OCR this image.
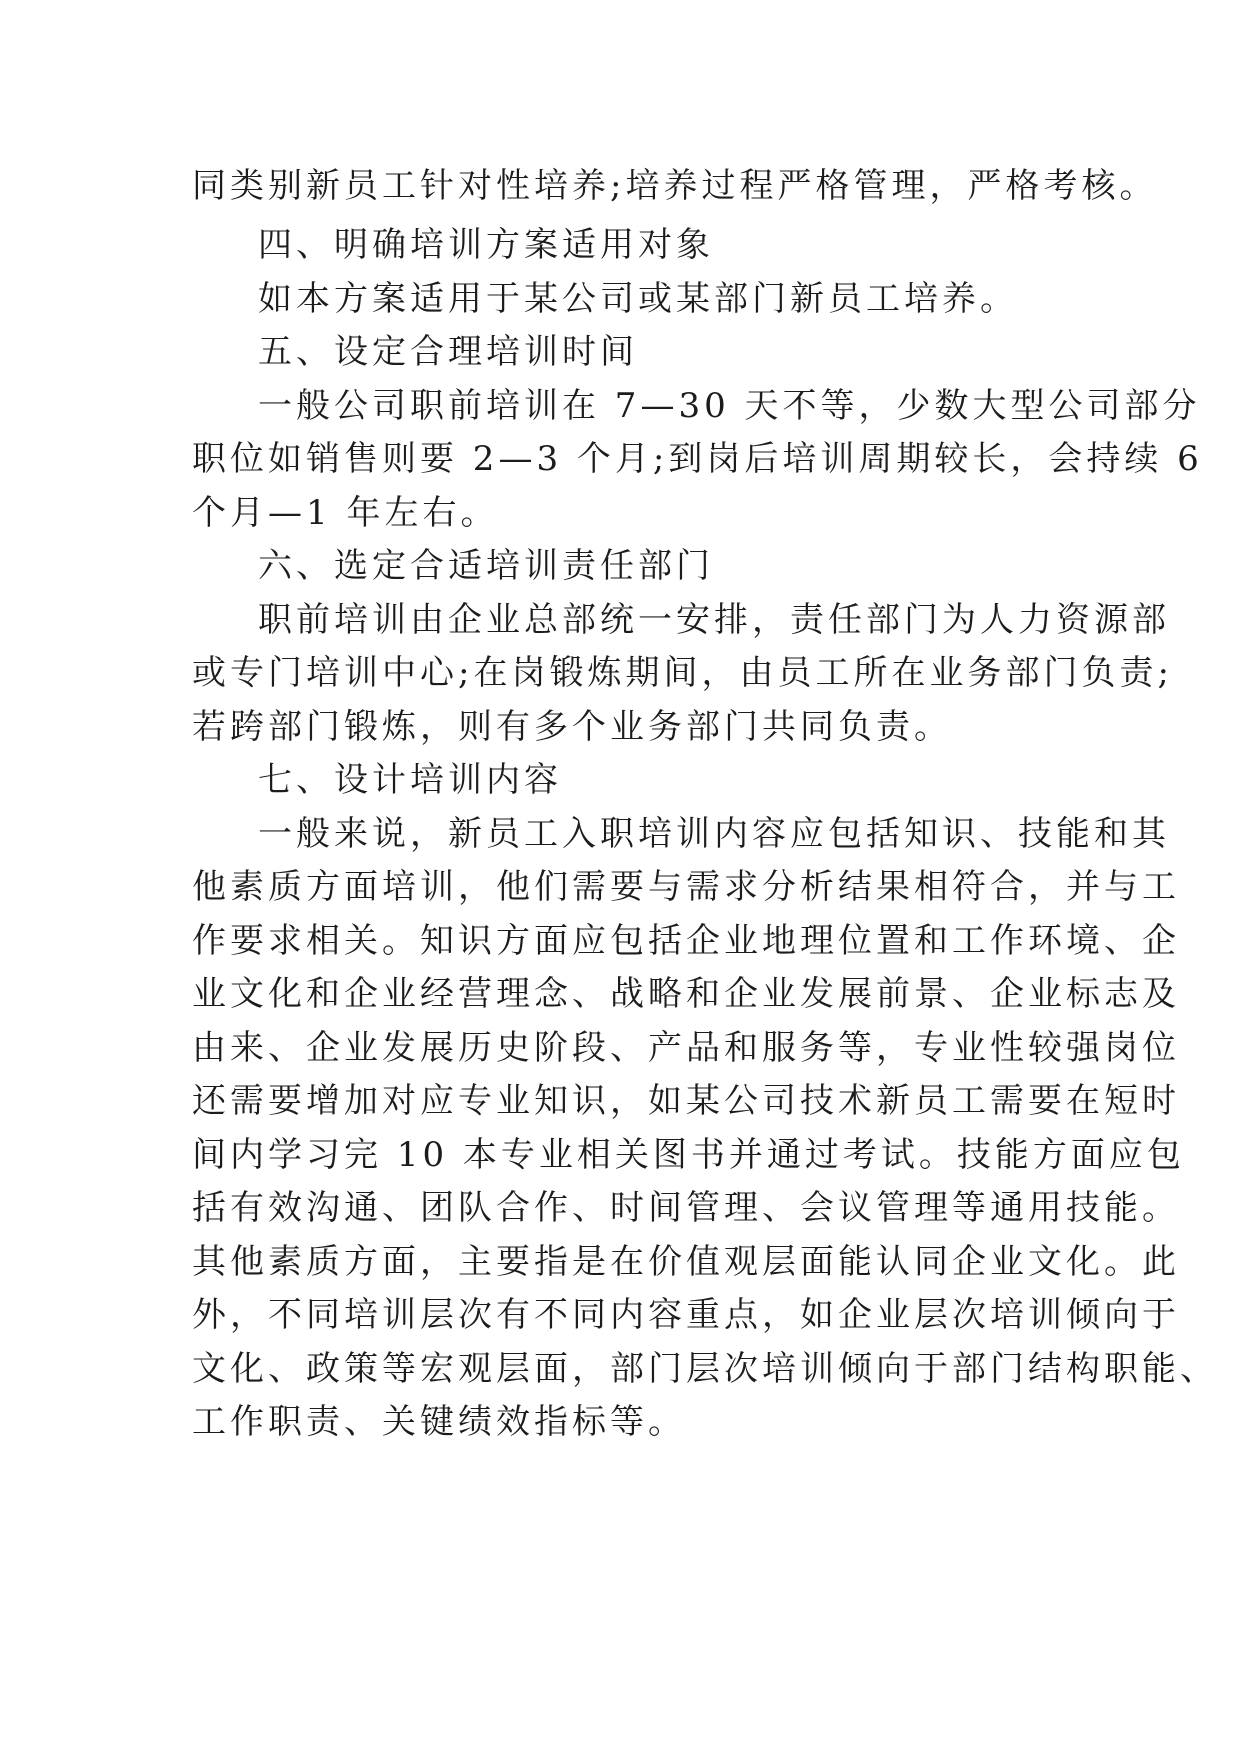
同类别新员工针对性培养;培养过程严格管理，严格考核。
四、明确培训方案适用对象
如本方案适用于某公司或某部门新员工培养。
五、设定合理培训时间
一般公司职前培训在 7—30 天不等，少数大型公司部分
职位如销售则要 2—3 个月;到岗后培训周期较长，会持续 6
个月—1 年左右。
六、选定合适培训责任部门
职前培训由企业总部统一安排，责任部门为人力资源部
或专门培训中心;在岗锻炼期间，由员工所在业务部门负责;
若跨部门锻炼，则有多个业务部门共同负责。
七、设计培训内容
一般来说，新员工入职培训内容应包括知识、技能和其
他素质方面培训，他们需要与需求分析结果相符合，并与工
作要求相关。知识方面应包括企业地理位置和工作环境、企
业文化和企业经营理念、战略和企业发展前景、企业标志及
由来、企业发展历史阶段、产品和服务等，专业性较强岗位
还需要增加对应专业知识，如某公司技术新员工需要在短时
间内学习完 10 本专业相关图书并通过考试。技能方面应包
括有效沟通、团队合作、时间管理、会议管理等通用技能。
其他素质方面，主要指是在价值观层面能认同企业文化。此
外，不同培训层次有不同内容重点，如企业层次培训倾向于
文化、政策等宏观层面，部门层次培训倾向于部门结构职能、
工作职责、关键绩效指标等。
